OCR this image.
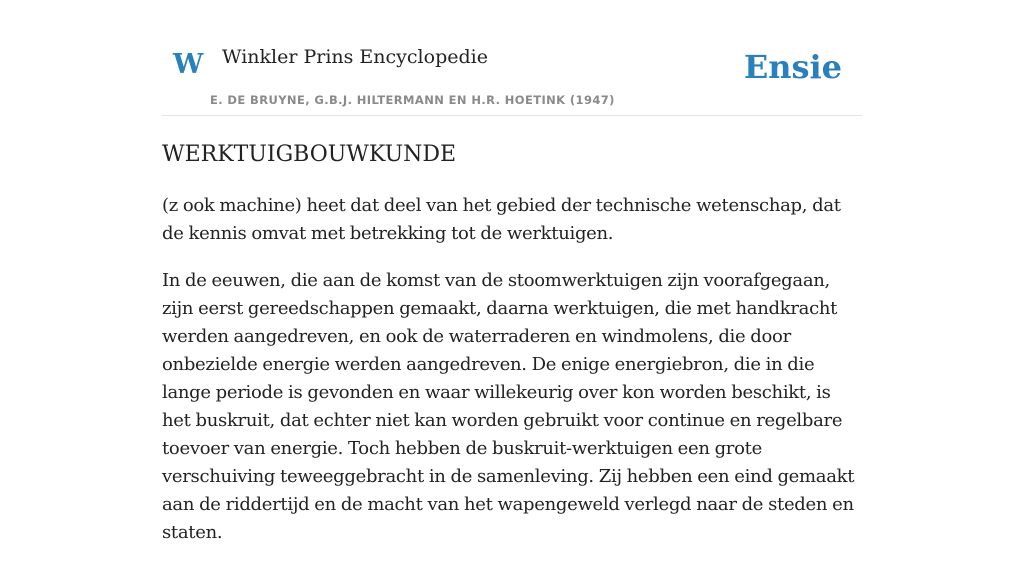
W Winkler Prins Encyclopedie
E. DE BRUYNE, G.B.J. HILTERMANN EN H.R. HOETINK (1947)
Ensie
WERKTUIGBOUWKUNDE

(z ook machine) heet dat deel van het gebied der technische wetenschap, dat de kennis omvat met betrekking tot de werktuigen.

In de eeuwen, die aan de komst van de stoomwerktuigen zijn voorafgegaan, zijn eerst gereedschappen gemaakt, daarna werktuigen, die met handkracht werden aangedreven, en ook de waterraderen en windmolens, die door onbezielde energie werden aangedreven. De enige energiebron, die in die lange periode is gevonden en waar willekeurig over kon worden beschikt, is het buskruit, dat echter niet kan worden gebruikt voor continue en regelbare toevoer van energie. Toch hebben de buskruit-werktuigen een grote verschuiving teweeggebracht in de samenleving. Zij hebben een eind gemaakt aan de riddertijd en de macht van het wapengeweld verlegd naar de steden en staten.
